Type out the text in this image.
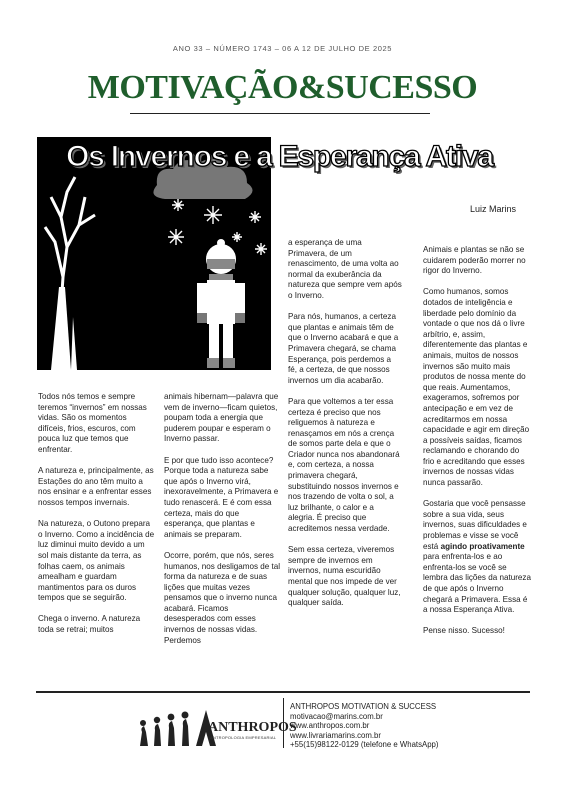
ANO 33 – NÚMERO 1743 – 06 A 12 DE JULHO DE 2025
MOTIVAÇÃO&SUCESSO
Os Invernos e a Esperança Ativa
Luiz Marins

Todos nós temos e sempre teremos “invernos” em nossas vidas. São os momentos difíceis, frios, escuros, com pouca luz que temos que enfrentar.

A natureza e, principalmente, as Estações do ano têm muito a nos ensinar e a enfrentar esses nossos tempos invernais.

Na natureza, o Outono prepara o Inverno. Como a incidência de luz diminui muito devido a um sol mais distante da terra, as folhas caem, os animais amealham e guardam mantimentos para os duros tempos que se seguirão.

Chega o inverno. A natureza toda se retrai; muitos

animais hibernam—palavra que vem de inverno—ficam quietos, poupam toda a energia que puderem poupar e esperam o Inverno passar.

E por que tudo isso acontece? Porque toda a natureza sabe que após o Inverno virá, inexoravelmente, a Primavera e tudo renascerá. E é com essa certeza, mais do que esperança, que plantas e animais se preparam.

Ocorre, porém, que nós, seres humanos, nos desligamos de tal forma da natureza e de suas lições que muitas vezes pensamos que o inverno nunca acabará. Ficamos desesperados com esses invernos de nossas vidas. Perdemos

a esperança de uma Primavera, de um renascimento, de uma volta ao normal da exuberância da natureza que sempre vem após o Inverno.

Para nós, humanos, a certeza que plantas e animais têm de que o Inverno acabará e que a Primavera chegará, se chama Esperança, pois perdemos a fé, a certeza, de que nossos invernos um dia acabarão.

Para que voltemos a ter essa certeza é preciso que nos religuemos à natureza e renasçamos em nós a crença de somos parte dela e que o Criador nunca nos abandonará e, com certeza, a nossa primavera chegará, substituindo nossos invernos e nos trazendo de volta o sol, a luz brilhante, o calor e a alegria. É preciso que acreditemos nessa verdade.

Sem essa certeza, viveremos sempre de invernos em invernos, numa escuridão mental que nos impede de ver qualquer solução, qualquer luz, qualquer saída.

Animais e plantas se não se cuidarem poderão morrer no rigor do Inverno.

Como humanos, somos dotados de inteligência e liberdade pelo domínio da vontade o que nos dá o livre arbítrio, e, assim, diferentemente das plantas e animais, muitos de nossos invernos são muito mais produtos de nossa mente do que reais. Aumentamos, exageramos, sofremos por antecipação e em vez de acreditarmos em nossa capacidade e agir em direção a possíveis saídas, ficamos reclamando e chorando do frio e acreditando que esses invernos de nossas vidas nunca passarão.

Gostaria que você pensasse sobre a sua vida, seus invernos, suas dificuldades e problemas e visse se você está agindo proativamente para enfrenta-los e ao enfrenta-los se você se lembra das lições da natureza de que após o Inverno chegará a Primavera. Essa é a nossa Esperança Ativa.

Pense nisso. Sucesso!

ANTHROPOS
ANTROPOLOGIA EMPRESARIAL
ANTHROPOS MOTIVATION & SUCCESS
motivacao@marins.com.br
www.anthropos.com.br
www.livrariamarins.com.br
+55(15)98122-0129 (telefone e WhatsApp)
